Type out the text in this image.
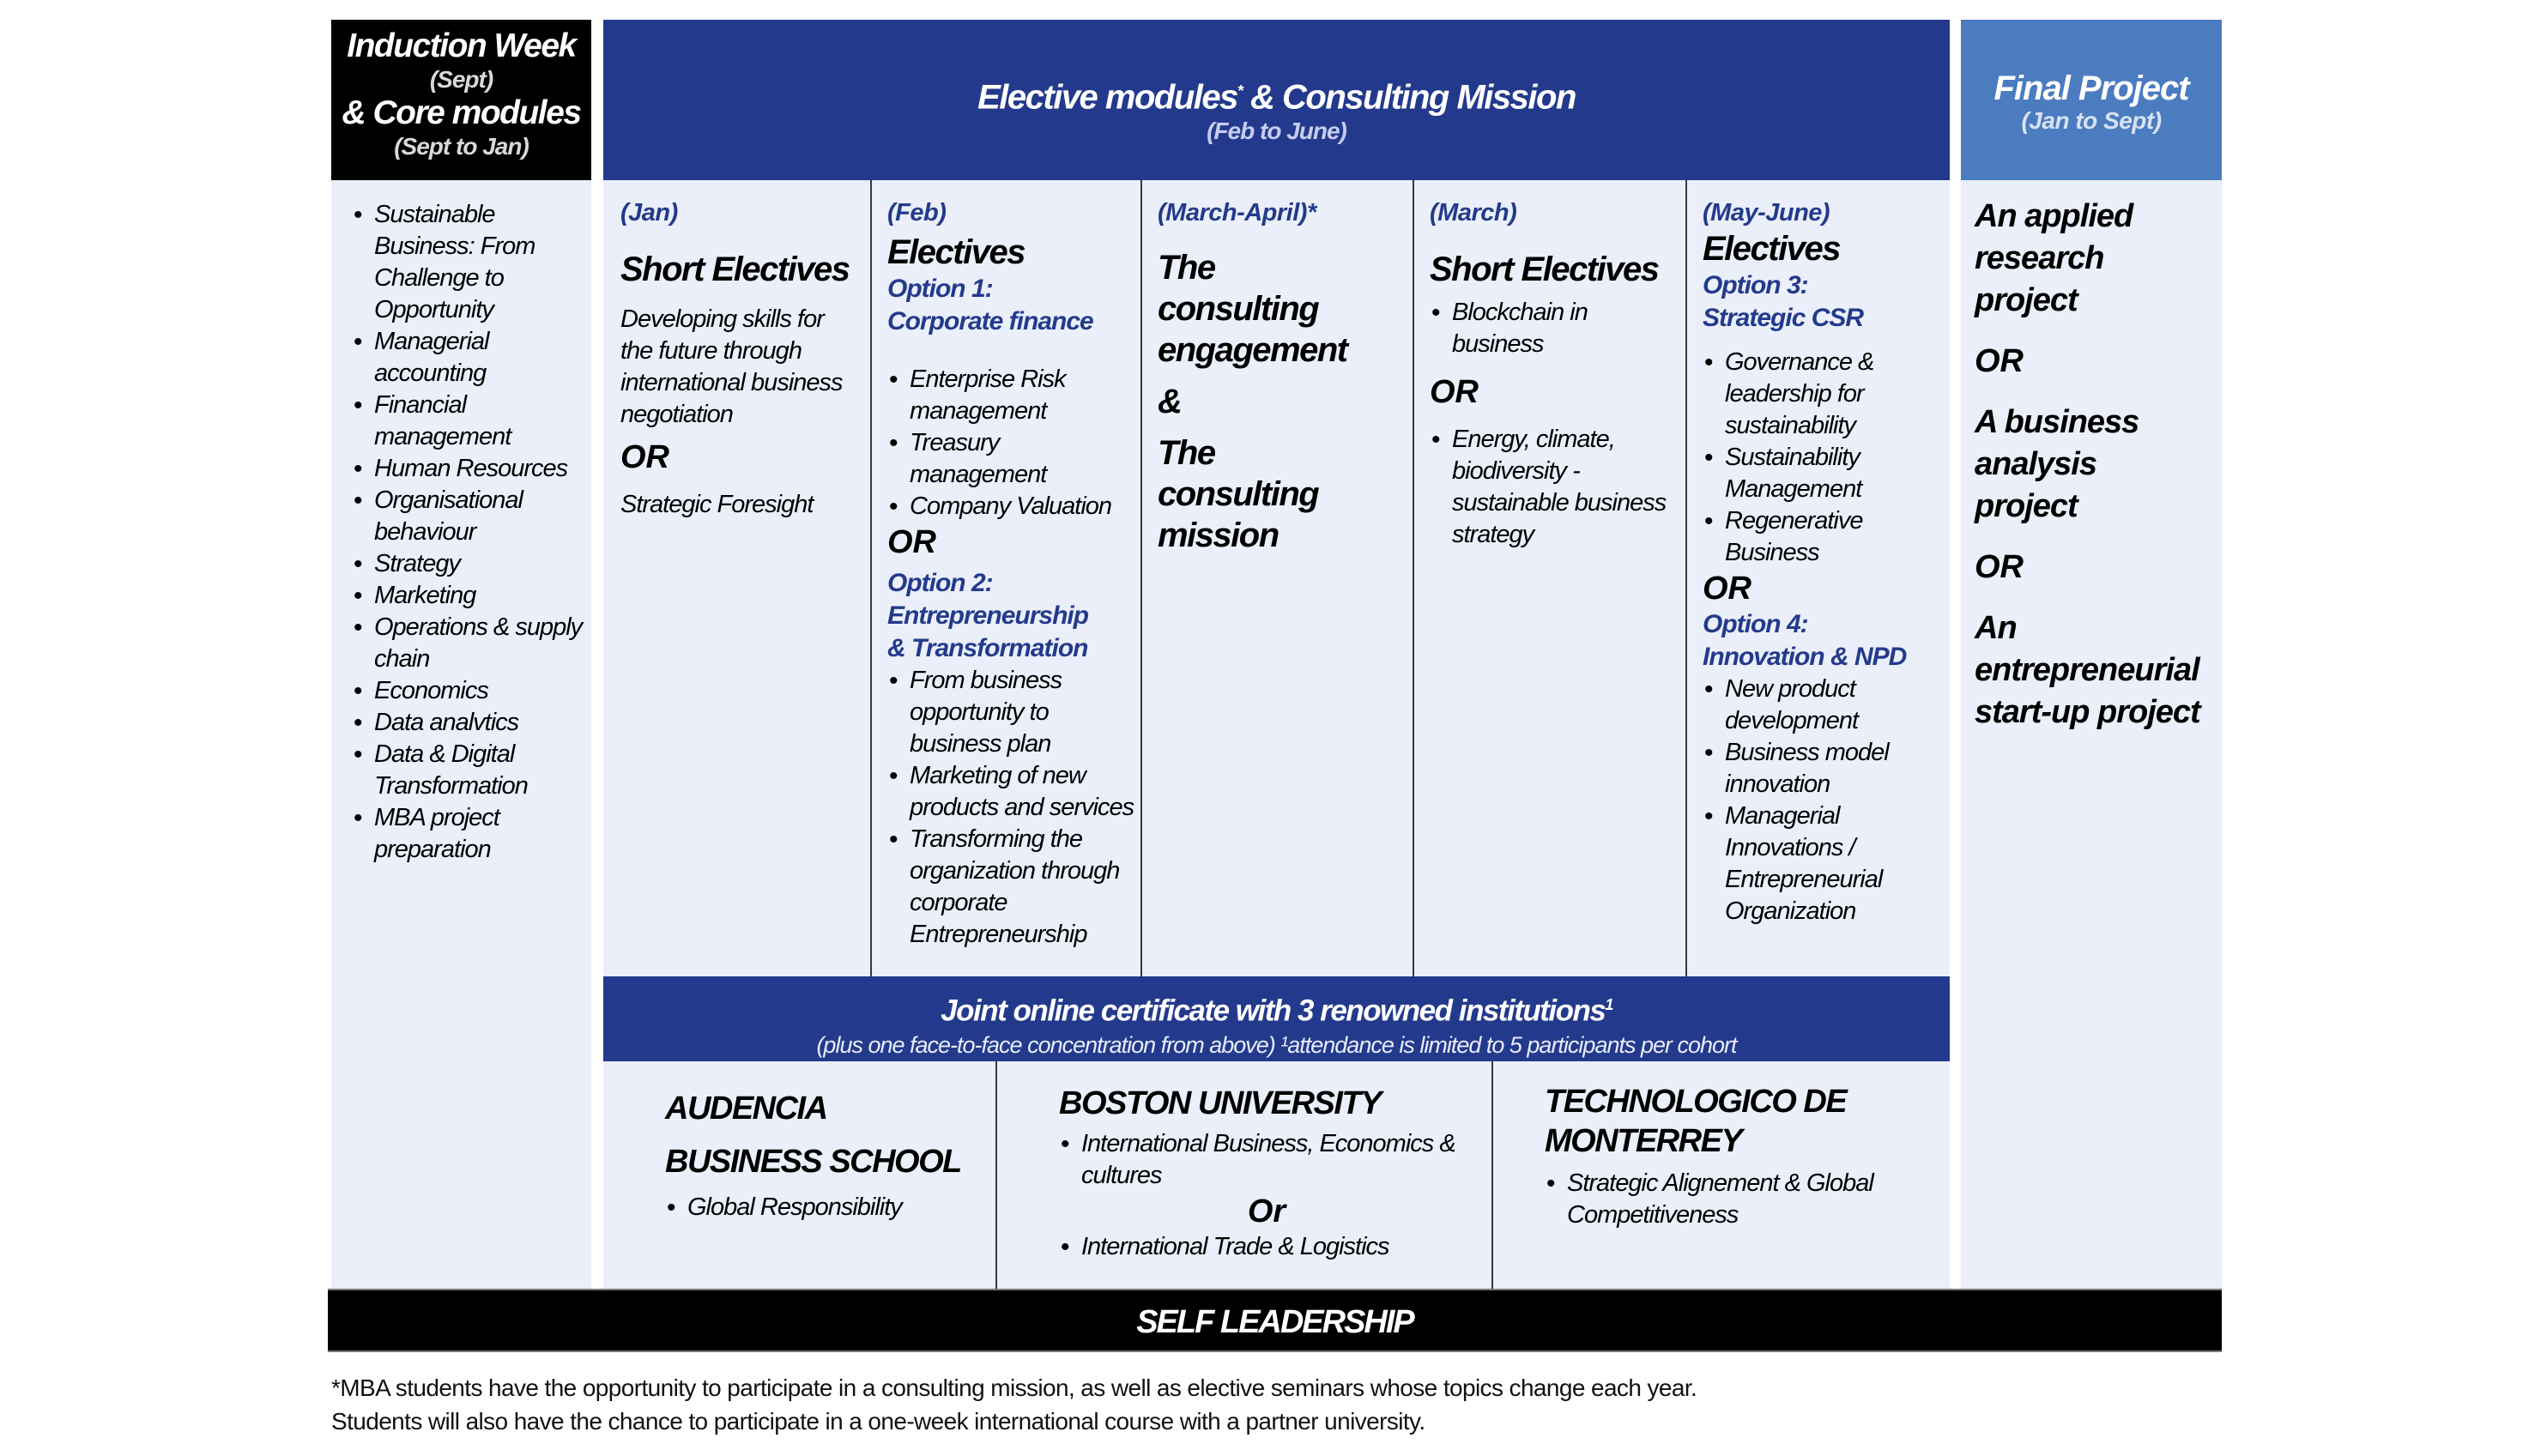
Induction Week
(Sept)
& Core modules
(Sept to Jan)
Elective modules* & Consulting Mission
(Feb to June)
Final Project
(Jan to Sept)
• Sustainable Business: From Challenge to Opportunity
• Managerial accounting
• Financial management
• Human Resources
• Organisational behaviour
• Strategy
• Marketing
• Operations & supply chain
• Economics
• Data analvtics
• Data & Digital Transformation
• MBA project preparation
(Jan)
Short Electives
Developing skills for the future through international business negotiation
OR
Strategic Foresight
(Feb)
Electives
Option 1:
Corporate finance
• Enterprise Risk management
• Treasury management
• Company Valuation
OR
Option 2:
Entrepreneurship
& Transformation
• From business opportunity to business plan
• Marketing of new products and services
• Transforming the organization through corporate Entrepreneurship
(March-April)*
The consulting engagement
&
The consulting mission
(March)
Short Electives
• Blockchain in business
OR
• Energy, climate, biodiversity - sustainable business strategy
(May-June)
Electives
Option 3:
Strategic CSR
• Governance & leadership for sustainability
• Sustainability Management
• Regenerative Business
OR
Option 4:
Innovation & NPD
• New product development
• Business model innovation
• Managerial Innovations / Entrepreneurial Organization
Joint online certificate with 3 renowned institutions$^1$
(plus one face-to-face concentration from above) ¹attendance is limited to 5 participants per cohort
AUDENCIA
BUSINESS SCHOOL
• Global Responsibility
BOSTON UNIVERSITY
• International Business, Economics & cultures
Or
• International Trade & Logistics
TECHNOLOGICO DE
MONTERREY
• Strategic Alignement & Global Competitiveness
An applied research project
OR
A business analysis project
OR
An entrepreneurial start-up project
SELF LEADERSHIP
*MBA students have the opportunity to participate in a consulting mission, as well as elective seminars whose topics change each year.
Students will also have the chance to participate in a one-week international course with a partner university.
